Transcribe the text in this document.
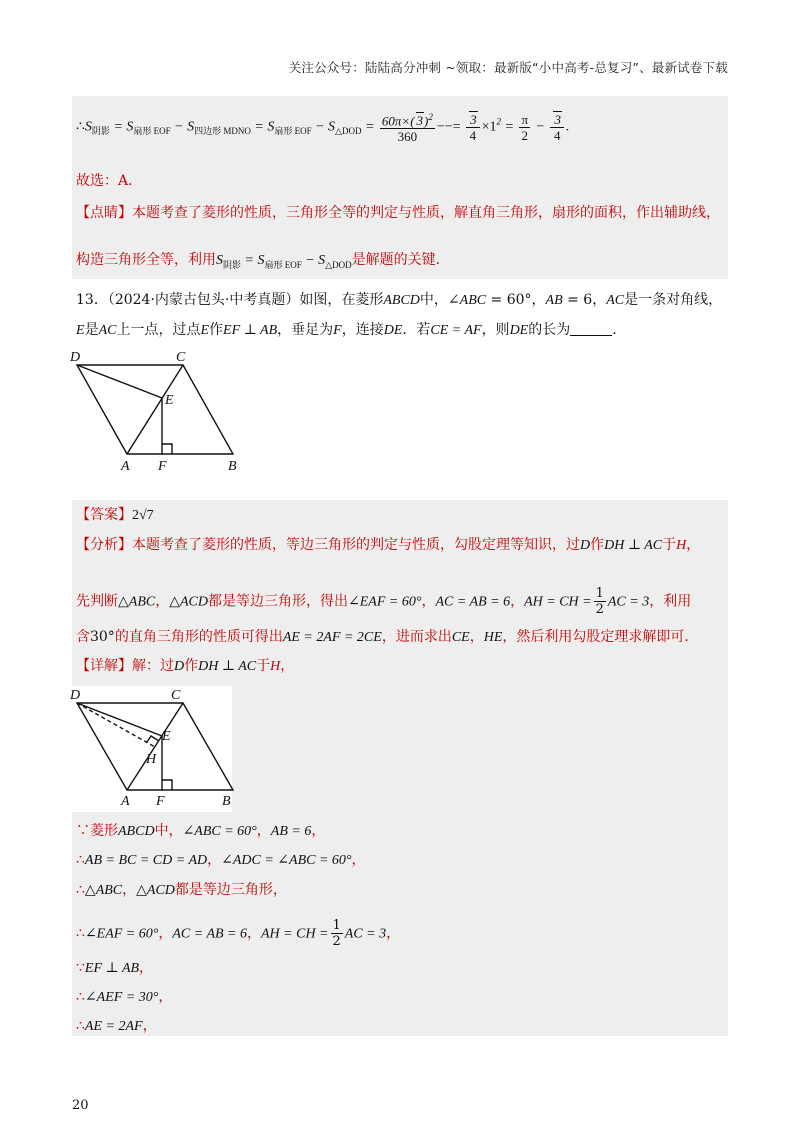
关注公众号：陆陆高分冲刺 ~领取：最新版“小中高考-总复习”、最新试卷下载
$\therefore S_{阴影} = S_{扇形 EOF} - S_{四边形 MDNO} = S_{扇形 EOF} - S_{\triangle DOD} = \frac{60\pi\times( 3)^2}{360}$ −−= $\frac{3}{4} \times 1^2 = \frac{\pi}{2} - \frac{3}{4}$ .
故选：A．
【点睛】本题考查了菱形的性质，三角形全等的判定与性质，解直角三角形，扇形的面积，作出辅助线，
构造三角形全等，利用$S_{阴影} = S_{扇形 EOF} - S_{\triangle DOD}$是解题的关键．
13．（2024·内蒙古包头·中考真题）如图，在菱形ABCD中，∠ABC = 60°，AB = 6，AC是一条对角线，
E是AC上一点，过点E作EF ⊥ AB，垂足为F，连接DE．若CE = AF，则DE的长为	．
D	C
E
A F	B
【答案】2√7
【分析】本题考查了菱形的性质，等边三角形的判定与性质，勾股定理等知识，过D作DH ⊥ AC于H，
先判断△ABC，△ACD都是等边三角形，得出∠EAF = 60°，AC = AB = 6，AH = CH = $\frac{1}{2}$ AC = 3，利用
含30°的直角三角形的性质可得出AE = 2AF = 2CE，进而求出CE，HE，然后利用勾股定理求解即可．
【详解】解：过D作DH ⊥ AC于H，
D	C
E
H
A F	B
∵菱形ABCD中，∠ABC = 60°，AB = 6，
∴AB = BC = CD = AD，∠ADC = ∠ABC = 60°，
∴△ABC，△ACD都是等边三角形，
∴∠EAF = 60°，AC = AB = 6，AH = CH = $\frac{1}{2}$ AC = 3，
∵EF ⊥ AB，
∴∠AEF = 30°，
∴AE = 2AF，
20
